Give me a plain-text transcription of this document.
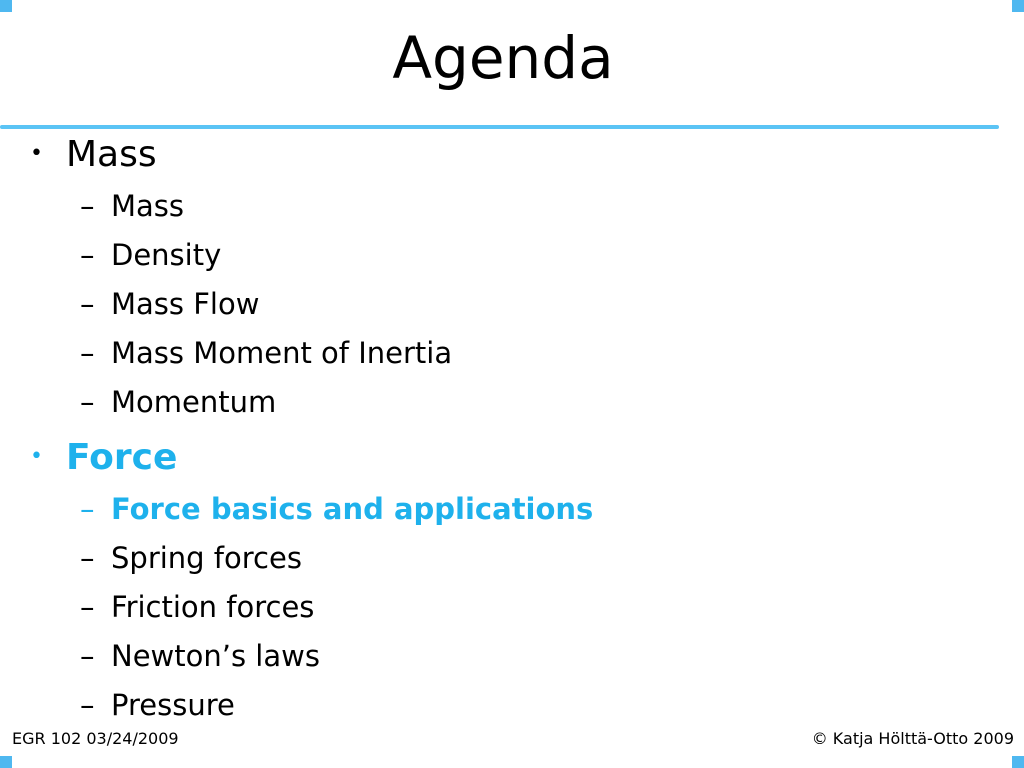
Agenda
• Mass
– Mass
– Density
– Mass Flow
– Mass Moment of Inertia
– Momentum
• Force
– Force basics and applications
– Spring forces
– Friction forces
– Newton’s laws
– Pressure
EGR 102 03/24/2009	© Katja Hölttä-Otto 2009
